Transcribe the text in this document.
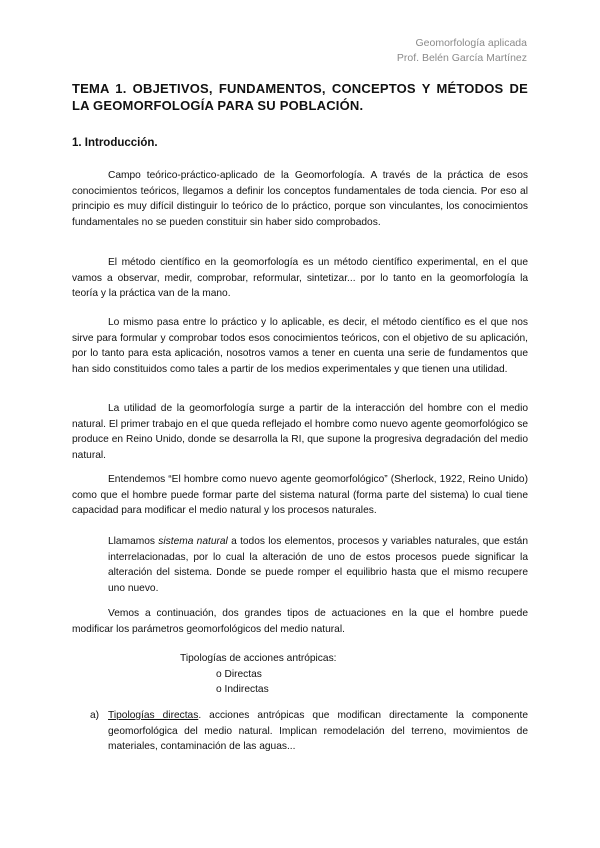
Geomorfología aplicada
Prof. Belén García Martínez
TEMA 1. OBJETIVOS, FUNDAMENTOS, CONCEPTOS Y MÉTODOS DE LA GEOMORFOLOGÍA PARA SU POBLACIÓN.
1. Introducción.

Campo teórico-práctico-aplicado de la Geomorfología. A través de la práctica de esos conocimientos teóricos, llegamos a definir los conceptos fundamentales de toda ciencia. Por eso al principio es muy difícil distinguir lo teórico de lo práctico, porque son vinculantes, los conocimientos fundamentales no se pueden constituir sin haber sido comprobados.

El método científico en la geomorfología es un método científico experimental, en el que vamos a observar, medir, comprobar, reformular, sintetizar... por lo tanto en la geomorfología la teoría y la práctica van de la mano.

Lo mismo pasa entre lo práctico y lo aplicable, es decir, el método científico es el que nos sirve para formular y comprobar todos esos conocimientos teóricos, con el objetivo de su aplicación, por lo tanto para esta aplicación, nosotros vamos a tener en cuenta una serie de fundamentos que han sido constituidos como tales a partir de los medios experimentales y que tienen una utilidad.

La utilidad de la geomorfología surge a partir de la interacción del hombre con el medio natural. El primer trabajo en el que queda reflejado el hombre como nuevo agente geomorfológico se produce en Reino Unido, donde se desarrolla la RI, que supone la progresiva degradación del medio natural.

Entendemos “El hombre como nuevo agente geomorfológico” (Sherlock, 1922, Reino Unido) como que el hombre puede formar parte del sistema natural (forma parte del sistema) lo cual tiene capacidad para modificar el medio natural y los procesos naturales.

Llamamos sistema natural a todos los elementos, procesos y variables naturales, que están interrelacionadas, por lo cual la alteración de uno de estos procesos puede significar la alteración del sistema. Donde se puede romper el equilibrio hasta que el mismo recupere uno nuevo.

Vemos a continuación, dos grandes tipos de actuaciones en la que el hombre puede modificar los parámetros geomorfológicos del medio natural.

Tipologías de acciones antrópicas:
o Directas
o Indirectas
a) Tipologías directas. acciones antrópicas que modifican directamente la componente geomorfológica del medio natural. Implican remodelación del terreno, movimientos de materiales, contaminación de las aguas...
